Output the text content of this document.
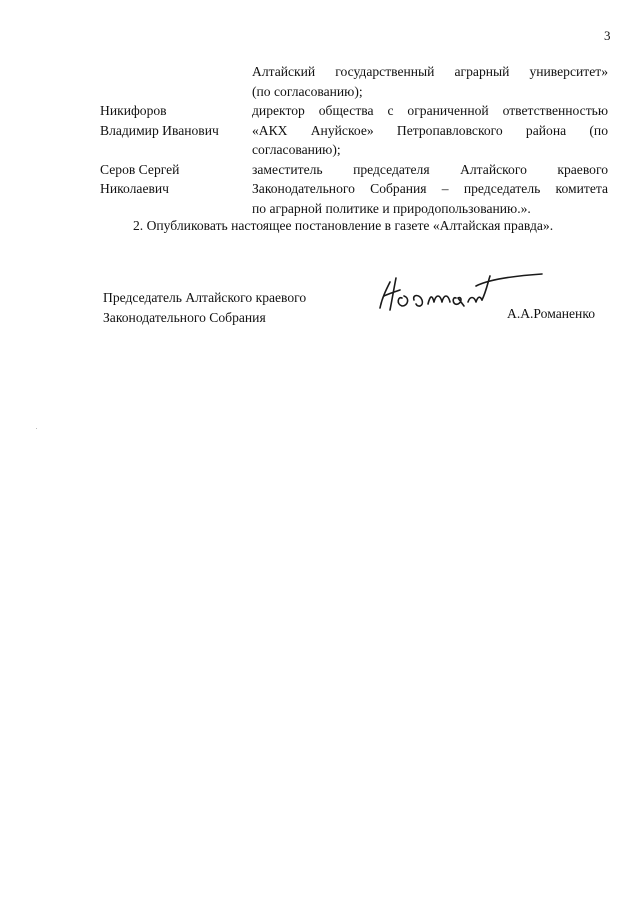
3
Алтайский государственный аграрный университет»
(по согласованию);
Никифоров
Владимир Иванович
директор общества с ограниченной ответственностью
«АКХ Ануйское» Петропавловского района (по
согласованию);
Серов Сергей
Николаевич
заместитель председателя Алтайского краевого
Законодательного Собрания – председатель комитета
по аграрной политике и природопользованию.».
2. Опубликовать настоящее постановление в газете «Алтайская правда».
Председатель Алтайского краевого
Законодательного Собрания	А.А.Романенко
